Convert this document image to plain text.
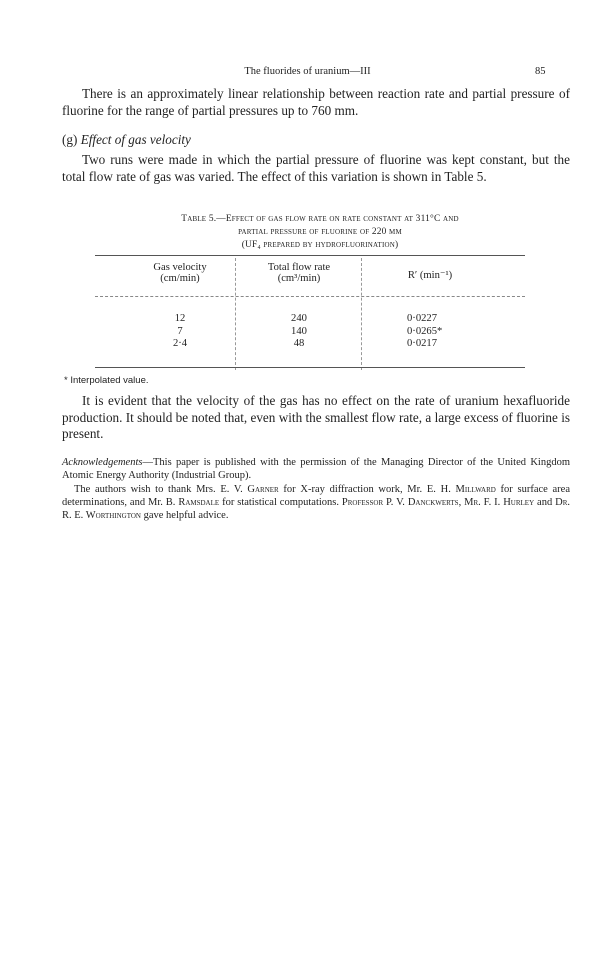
The fluorides of uranium—III	85

There is an approximately linear relationship between reaction rate and partial pressure of fluorine for the range of partial pressures up to 760 mm.

(g) Effect of gas velocity

Two runs were made in which the partial pressure of fluorine was kept constant, but the total flow rate of gas was varied. The effect of this variation is shown in Table 5.

Table 5.—Effect of gas flow rate on rate constant at 311°C and
partial pressure of fluorine of 220 mm
(UF₄ prepared by hydrofluorination)
Gas velocity
(cm/min)
Total flow rate
(cm³/min)	R′ (min⁻¹)
12
7
2·4
240
140
48
0·0227
0·0265*
0·0217
* Interpolated value.

It is evident that the velocity of the gas has no effect on the rate of uranium hexafluoride production. It should be noted that, even with the smallest flow rate, a large excess of fluorine is present.

Acknowledgements—This paper is published with the permission of the Managing Director of the United Kingdom Atomic Energy Authority (Industrial Group).

The authors wish to thank Mrs. E. V. Garner for X-ray diffraction work, Mr. E. H. Millward for surface area determinations, and Mr. B. Ramsdale for statistical computations. Professor P. V. Danckwerts, Mr. F. I. Hurley and Dr. R. E. Worthington gave helpful advice.
